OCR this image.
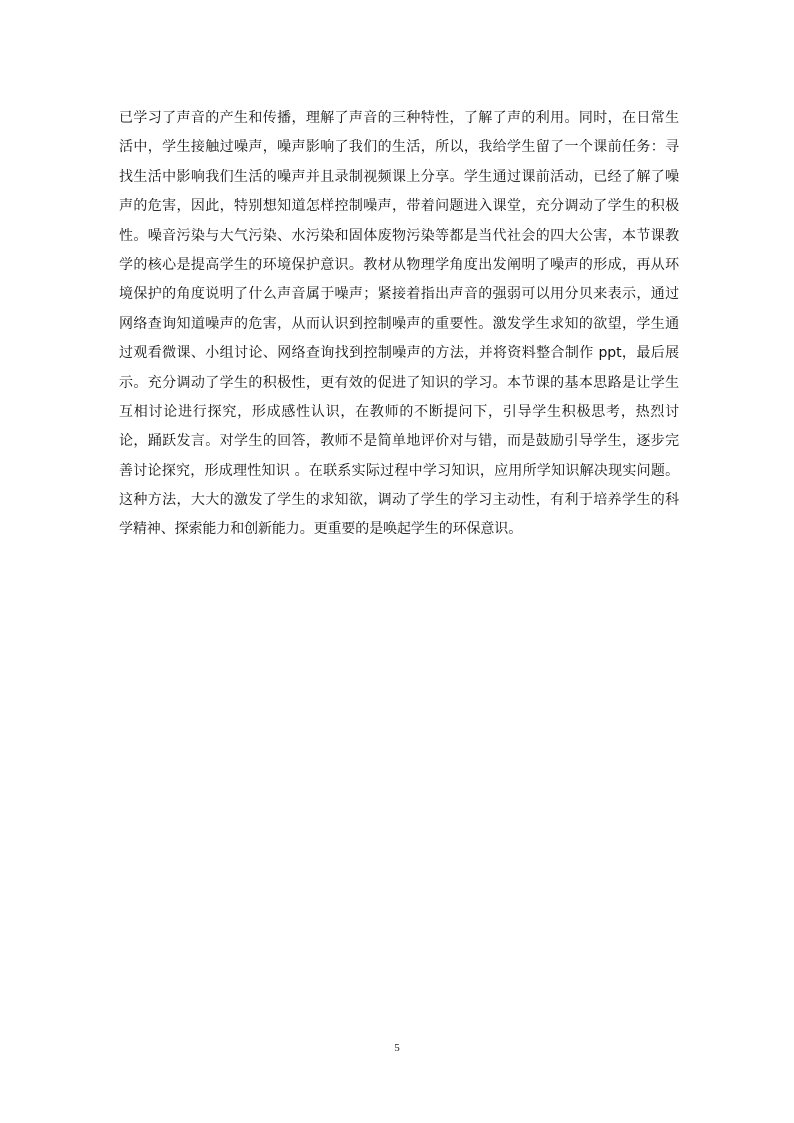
已学习了声音的产生和传播，理解了声音的三种特性，了解了声的利用。同时，在日常生
活中，学生接触过噪声，噪声影响了我们的生活，所以，我给学生留了一个课前任务：寻
找生活中影响我们生活的噪声并且录制视频课上分享。学生通过课前活动，已经了解了噪
声的危害，因此，特别想知道怎样控制噪声，带着问题进入课堂，充分调动了学生的积极
性。噪音污染与大气污染、水污染和固体废物污染等都是当代社会的四大公害，本节课教
学的核心是提高学生的环境保护意识。教材从物理学角度出发阐明了噪声的形成，再从环
境保护的角度说明了什么声音属于噪声；紧接着指出声音的强弱可以用分贝来表示，通过
网络查询知道噪声的危害，从而认识到控制噪声的重要性。激发学生求知的欲望，学生通
过观看微课、小组讨论、网络查询找到控制噪声的方法，并将资料整合制作 ppt，最后展
示。充分调动了学生的积极性，更有效的促进了知识的学习。本节课的基本思路是让学生
互相讨论进行探究，形成感性认识，在教师的不断提问下，引导学生积极思考，热烈讨
论，踊跃发言。对学生的回答，教师不是简单地评价对与错，而是鼓励引导学生，逐步完
善讨论探究，形成理性知识 。在联系实际过程中学习知识，应用所学知识解决现实问题。
这种方法，大大的激发了学生的求知欲，调动了学生的学习主动性，有利于培养学生的科
学精神、探索能力和创新能力。更重要的是唤起学生的环保意识。
5
